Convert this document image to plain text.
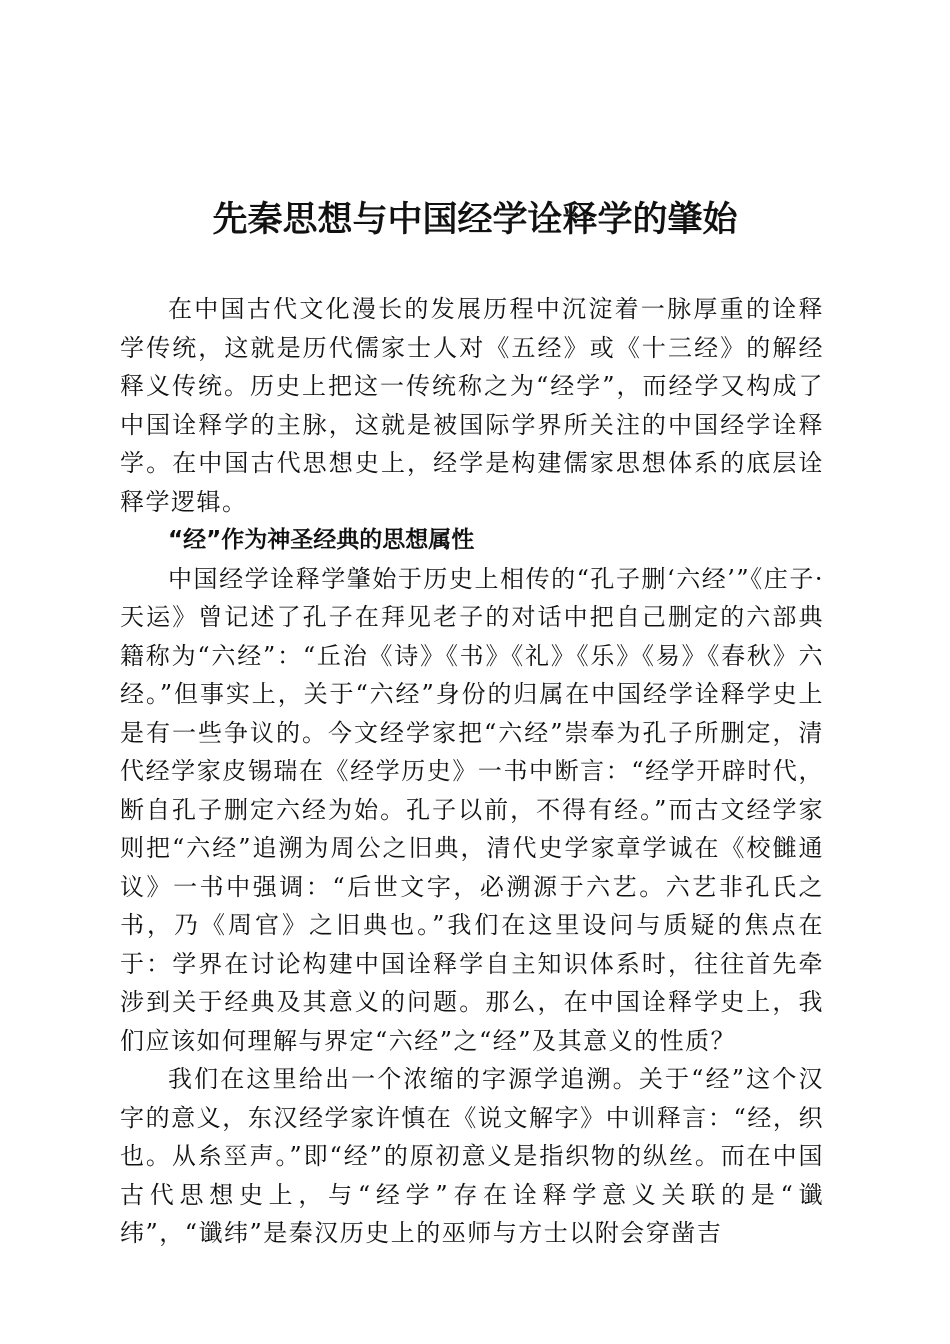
先秦思想与中国经学诠释学的肇始

在中国古代文化漫长的发展历程中沉淀着一脉厚重的诠释学传统，这就是历代儒家士人对《五经》或《十三经》的解经释义传统。历史上把这一传统称之为“经学”，而经学又构成了中国诠释学的主脉，这就是被国际学界所关注的中国经学诠释学。在中国古代思想史上，经学是构建儒家思想体系的底层诠释学逻辑。

“经”作为神圣经典的思想属性

中国经学诠释学肇始于历史上相传的“孔子删‘六经’”《庄子·天运》曾记述了孔子在拜见老子的对话中把自己删定的六部典籍称为“六经”：“丘治《诗》《书》《礼》《乐》《易》《春秋》六经。”但事实上，关于“六经”身份的归属在中国经学诠释学史上是有一些争议的。今文经学家把“六经”崇奉为孔子所删定，清代经学家皮锡瑞在《经学历史》一书中断言：“经学开辟时代，断自孔子删定六经为始。孔子以前，不得有经。”而古文经学家则把“六经”追溯为周公之旧典，清代史学家章学诚在《校雠通议》一书中强调：“后世文字，必溯源于六艺。六艺非孔氏之书，乃《周官》之旧典也。”我们在这里设问与质疑的焦点在于：学界在讨论构建中国诠释学自主知识体系时，往往首先牵涉到关于经典及其意义的问题。那么，在中国诠释学史上，我们应该如何理解与界定“六经”之“经”及其意义的性质？

我们在这里给出一个浓缩的字源学追溯。关于“经”这个汉字的意义，东汉经学家许慎在《说文解字》中训释言：“经，织也。从糸巠声。”即“经”的原初意义是指织物的纵丝。而在中国古代思想史上，与“经学”存在诠释学意义关联的是“谶纬”，“谶纬”是秦汉历史上的巫师与方士以附会穿凿吉
